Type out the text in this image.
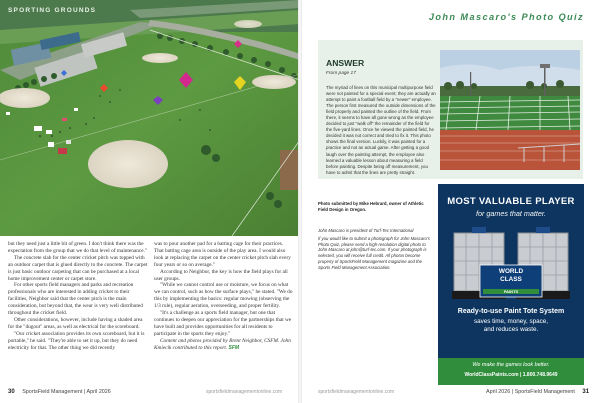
SPORTING GROUNDS

but they need just a little bit of green. I don't think there was the expectation from the group that we do that level of maintenance."

The concrete slab for the center cricket pitch was topped with an outdoor carpet that is glued directly to the concrete. The carpet is just basic outdoor carpeting that can be purchased at a local home improvement center or carpet store.

For other sports field managers and parks and recreation professionals who are interested in adding cricket to their facilities, Neighbor said that the center pitch is the main consideration, but beyond that, the wear is very well distributed throughout the cricket field.

Other considerations, however, include having a shaded area for the "dugout" areas, as well as electrical for the scoreboard.

"Our cricket association provides its own scoreboard, but it is portable," he said. "They're able to set it up, but they do need electricity for that. The other thing we did recently

was to pour another pad for a batting cage for their practices. That batting cage area is outside of the play area. I would also look at replacing the carpet on the center cricket pitch slab every four years or so on average."

According to Neighbor, the key is how the field plays for all user groups.

"While we cannot control use or moisture, we focus on what we can control, such as how the surface plays," he stated. "We do this by implementing the basics: regular mowing (observing the 1/3 rule), regular aeration, overseeding, and proper fertility.

"It's a challenge as a sports field manager, but one that continues to deepen our appreciation for the partnerships that we have built and provides opportunities for all residents to participate in the sports they enjoy."

Content and photos provided by Brent Neighbor, CSFM. John Kmiecik contributed to this report. SFM

30 SportsField Management | April 2026	sportsfieldmanagementonline.com
John Mascaro's Photo Quiz
ANSWER
From page 17
The myriad of lines on this municipal multipurpose field were not painted for a special event; they are actually an attempt to paint a football field by a "newer" employee. The person first measured the outside dimensions of the field properly and painted the outline of the field. From there, it seems to have all gone wrong as the employee decided to just "walk off" the remainder of the field for the five-yard lines. Once he viewed the painted field, he decided it was not correct and tried to fix it. This photo shows the final version. Luckily, it was painted for a practice and not an actual game. After getting a good laugh over the painting attempt, the employee also learned a valuable lesson about measuring a field before painting. Despite being off measurement, you have to admit that the lines are pretty straight.
Photo submitted by Mike Hebrard, owner of Athletic Field Design in Oregon.

John Mascaro is president of Turf-Tec International

If you would like to submit a photograph for John Mascaro's Photo Quiz, please send a high-resolution digital photo to John Mascaro at john@turf-tec.com. If your photograph is selected, you will receive full credit. All photos become property of SportsField Management magazine and the Sports Field Management Association.

MOST VALUABLE PLAYER
for games that matter.
WORLD
CLASS
PAINTS
Ready-to-use Paint Tote System
saves time, money, space,
and reduces waste.
We make the games look better.
WorldClassPaints.com | 1.800.748.9649
sportsfieldmanagementonline.com	April 2026 | SportsField Management 31
